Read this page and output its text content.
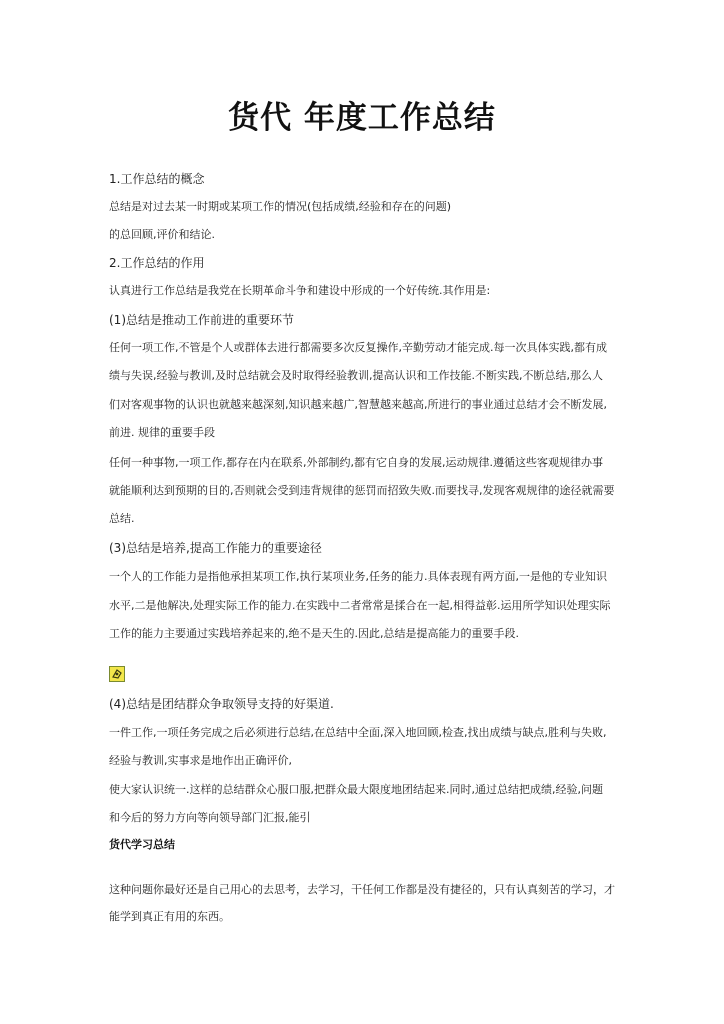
货代 年度工作总结
1.工作总结的概念
总结是对过去某一时期或某项工作的情况(包括成绩,经验和存在的问题)
的总回顾,评价和结论.
2.工作总结的作用
认真进行工作总结是我党在长期革命斗争和建设中形成的一个好传统.其作用是:
(1)总结是推动工作前进的重要环节
任何一项工作,不管是个人或群体去进行都需要多次反复操作,辛勤劳动才能完成.每一次具体实践,都有成
绩与失误,经验与教训,及时总结就会及时取得经验教训,提高认识和工作技能.不断实践,不断总结,那么人
们对客观事物的认识也就越来越深刻,知识越来越广,智慧越来越高,所进行的事业通过总结才会不断发展,
前进. 规律的重要手段
任何一种事物,一项工作,都存在内在联系,外部制约,都有它自身的发展,运动规律.遵循这些客观规律办事
就能顺利达到预期的目的,否则就会受到违背规律的惩罚而招致失败.而要找寻,发现客观规律的途径就需要
总结.
(3)总结是培养,提高工作能力的重要途径
一个人的工作能力是指他承担某项工作,执行某项业务,任务的能力.具体表现有两方面,一是他的专业知识
水平,二是他解决,处理实际工作的能力.在实践中二者常常是揉合在一起,相得益彰.运用所学知识处理实际
工作的能力主要通过实践培养起来的,绝不是天生的.因此,总结是提高能力的重要手段.
(4)总结是团结群众争取领导支持的好渠道.
一件工作,一项任务完成之后必须进行总结,在总结中全面,深入地回顾,检查,找出成绩与缺点,胜利与失败,
经验与教训,实事求是地作出正确评价,
使大家认识统一.这样的总结群众心服口服,把群众最大限度地团结起来.同时,通过总结把成绩,经验,问题
和今后的努力方向等向领导部门汇报,能引
货代学习总结
这种问题你最好还是自己用心的去思考，去学习，干任何工作都是没有捷径的，只有认真刻苦的学习，才
能学到真正有用的东西。
